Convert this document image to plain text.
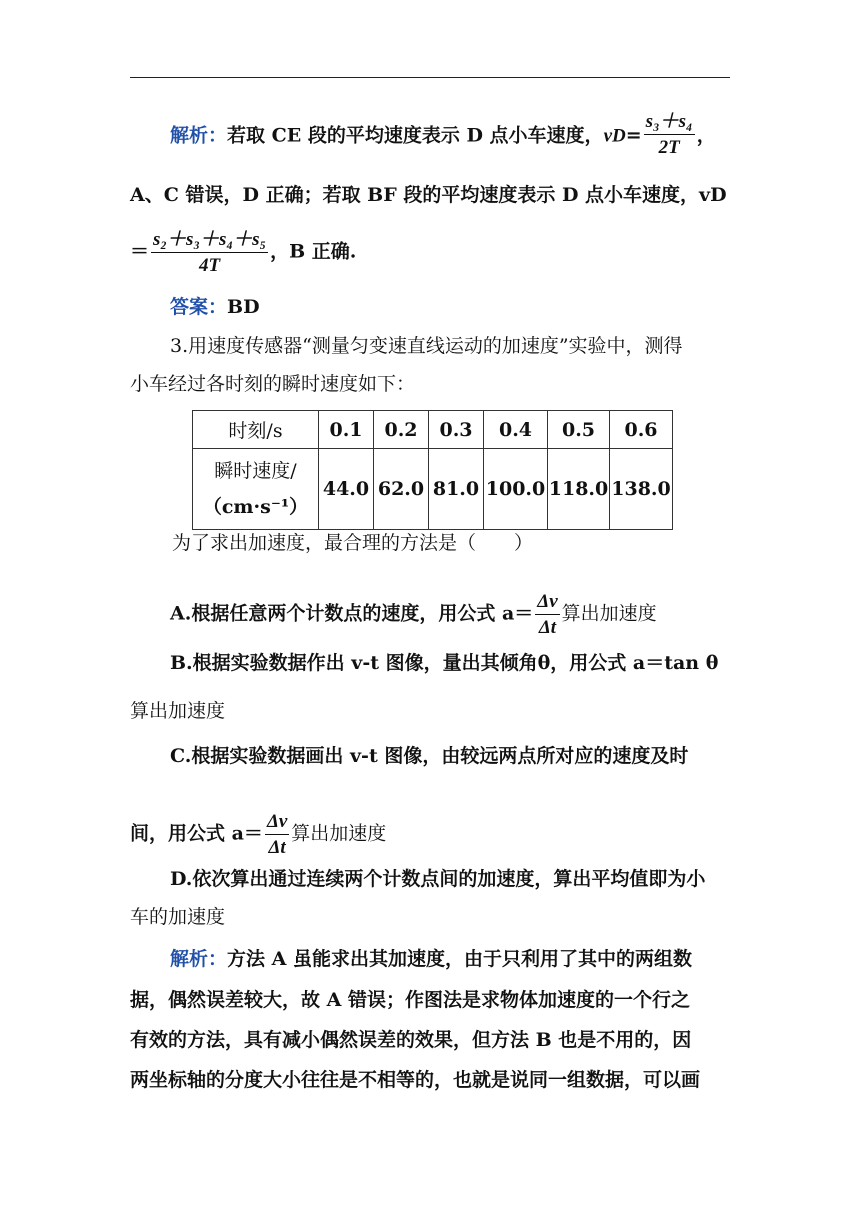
解析：若取 CE 段的平均速度表示 D 点小车速度，$vD= \frac{\text{s₃＋s₄}}{2T}$ ，
A、C 错误，D 正确；若取 BF 段的平均速度表示 D 点小车速度，vD
＝ $\frac{\text{s₂＋s₃＋s₄＋s₅}}{4T}$ ，B 正确.
答案：BD
3.用速度传感器“测量匀变速直线运动的加速度”实验中，测得
小车经过各时刻的瞬时速度如下：
时刻/s	0.1	0.2	0.3	0.4	0.5	0.6

瞬时速度/
（cm·s⁻¹）	44.0	62.0	81.0	100.0	118.0	138.0
为了求出加速度，最合理的方法是（　　）
A.根据任意两个计数点的速度，用公式 $a= \frac{\Delta v}{\Delta t}$ 算出加速度
B.根据实验数据作出 v-t 图像，量出其倾角θ，用公式 a＝tan θ
算出加速度
C.根据实验数据画出 v-t 图像，由较远两点所对应的速度及时
间，用公式 $a= \frac{\Delta v}{\Delta t}$ 算出加速度
D.依次算出通过连续两个计数点间的加速度，算出平均值即为小
车的加速度
解析：方法 A 虽能求出其加速度，由于只利用了其中的两组数
据，偶然误差较大，故 A 错误；作图法是求物体加速度的一个行之
有效的方法，具有减小偶然误差的效果，但方法 B 也是不用的，因
两坐标轴的分度大小往往是不相等的，也就是说同一组数据，可以画
